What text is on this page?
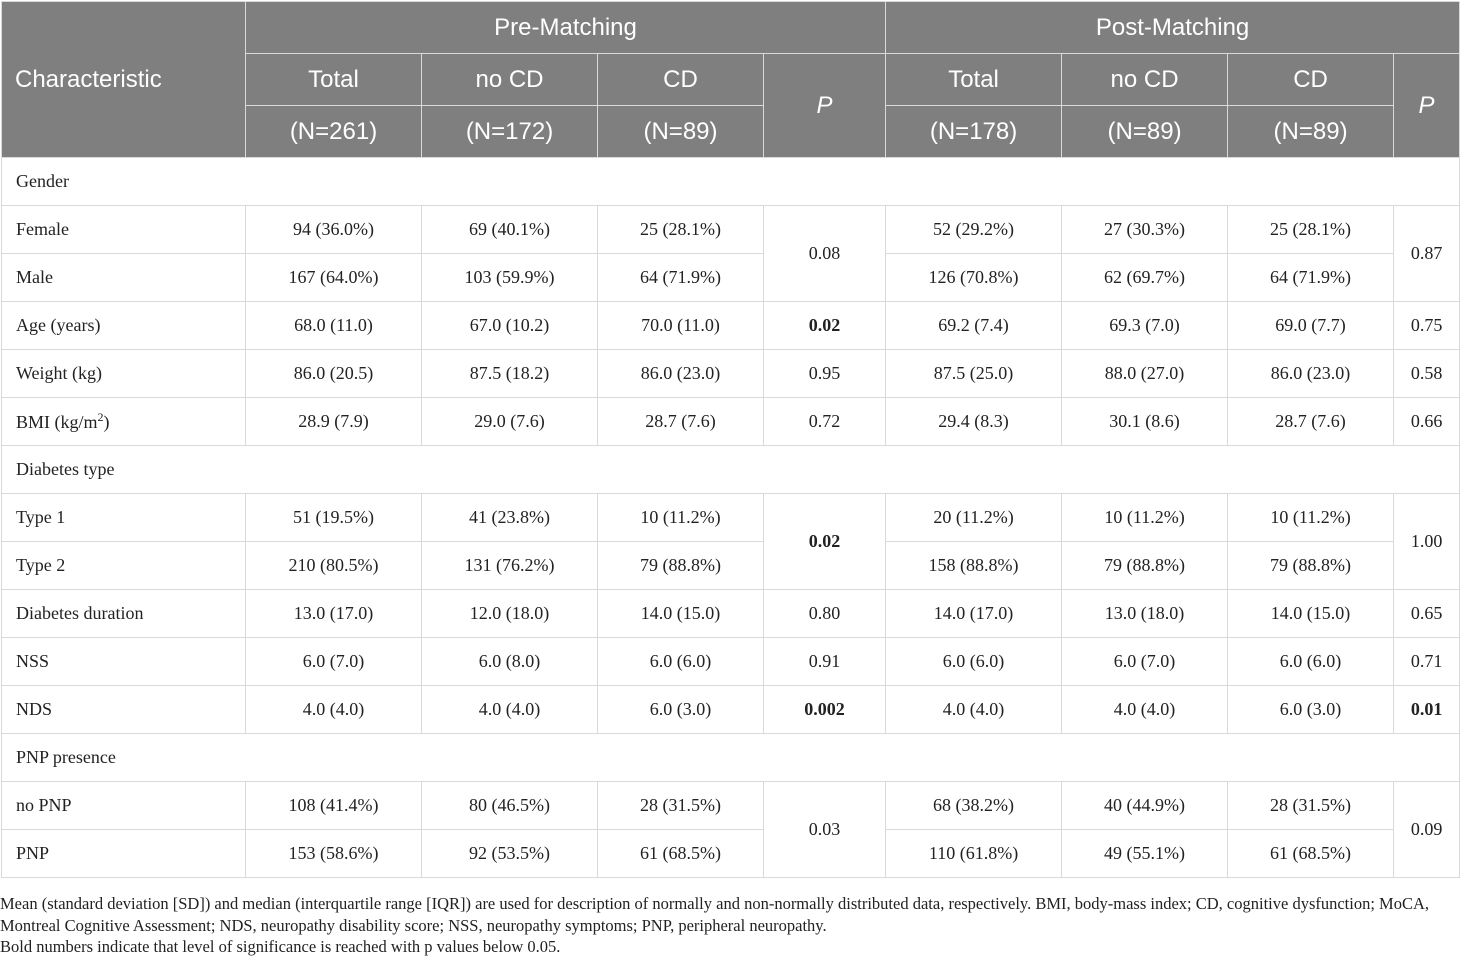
Characteristic	Pre-Matching				Post-Matching			
	Total	no CD	CD	P	Total	no CD	CD	P
	(N=261)	(N=172)	(N=89)		(N=178)	(N=89)	(N=89)	
Gender								
Female	94 (36.0%)	69 (40.1%)	25 (28.1%)	0.08	52 (29.2%)	27 (30.3%)	25 (28.1%)	0.87
Male	167 (64.0%)	103 (59.9%)	64 (71.9%)		126 (70.8%)	62 (69.7%)	64 (71.9%)	
Age (years)	68.0 (11.0)	67.0 (10.2)	70.0 (11.0)	0.02	69.2 (7.4)	69.3 (7.0)	69.0 (7.7)	0.75
Weight (kg)	86.0 (20.5)	87.5 (18.2)	86.0 (23.0)	0.95	87.5 (25.0)	88.0 (27.0)	86.0 (23.0)	0.58
BMI $(kg/m^2)$	28.9 (7.9)	29.0 (7.6)	28.7 (7.6)	0.72	29.4 (8.3)	30.1 (8.6)	28.7 (7.6)	0.66
Diabetes type								
Type 1	51 (19.5%)	41 (23.8%)	10 (11.2%)	0.02	20 (11.2%)	10 (11.2%)	10 (11.2%)	1.00
Type 2	210 (80.5%)	131 (76.2%)	79 (88.8%)		158 (88.8%)	79 (88.8%)	79 (88.8%)	
Diabetes duration	13.0 (17.0)	12.0 (18.0)	14.0 (15.0)	0.80	14.0 (17.0)	13.0 (18.0)	14.0 (15.0)	0.65
NSS	6.0 (7.0)	6.0 (8.0)	6.0 (6.0)	0.91	6.0 (6.0)	6.0 (7.0)	6.0 (6.0)	0.71
NDS	4.0 (4.0)	4.0 (4.0)	6.0 (3.0)	0.002	4.0 (4.0)	4.0 (4.0)	6.0 (3.0)	0.01
PNP presence								
no PNP	108 (41.4%)	80 (46.5%)	28 (31.5%)	0.03	68 (38.2%)	40 (44.9%)	28 (31.5%)	0.09
PNP	153 (58.6%)	92 (53.5%)	61 (68.5%)		110 (61.8%)	49 (55.1%)	61 (68.5%)	

Mean (standard deviation [SD]) and median (interquartile range [IQR]) are used for description of normally and non-normally distributed data, respectively. BMI, body-mass index; CD, cognitive dysfunction; MoCA, Montreal Cognitive Assessment; NDS, neuropathy disability score; NSS, neuropathy symptoms; PNP, peripheral neuropathy.

Bold numbers indicate that level of significance is reached with p values below 0.05.
